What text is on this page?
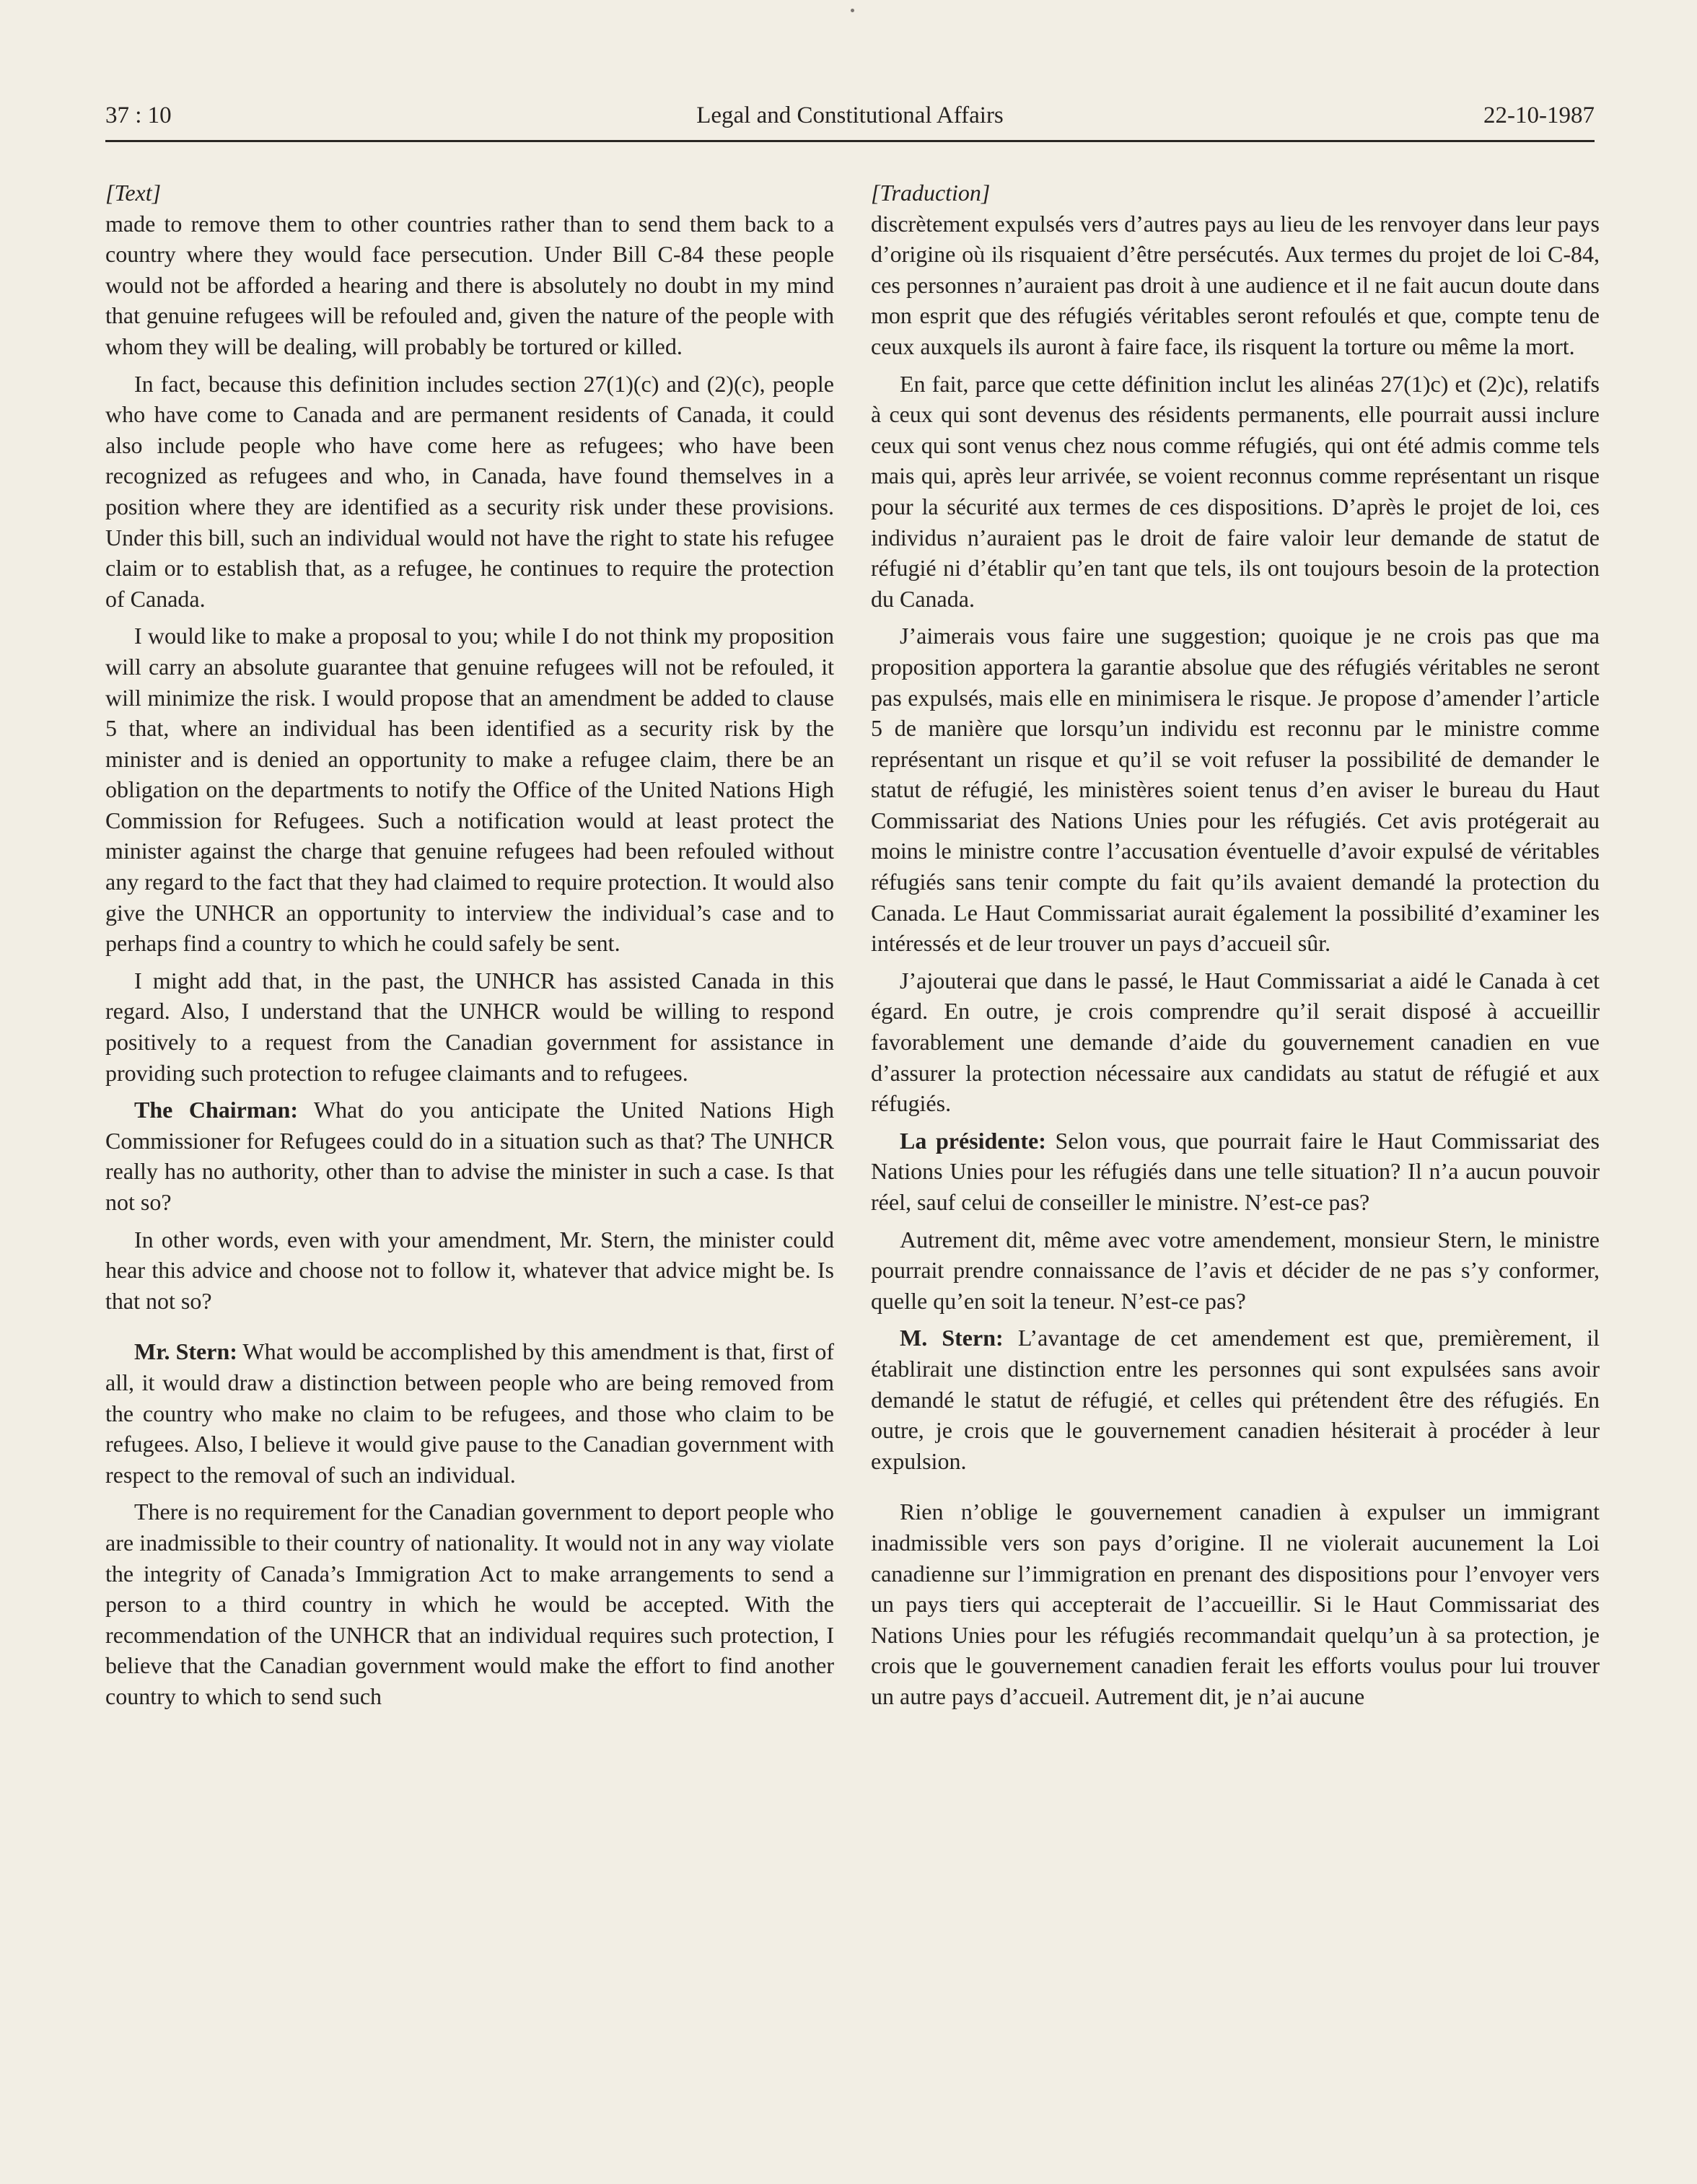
37 : 10	Legal and Constitutional Affairs	22-10-1987

[Text]

made to remove them to other countries rather than to send them back to a country where they would face persecution. Under Bill C-84 these people would not be afforded a hearing and there is absolutely no doubt in my mind that genuine refugees will be refouled and, given the nature of the people with whom they will be dealing, will probably be tortured or killed.

In fact, because this definition includes section 27(1)(c) and (2)(c), people who have come to Canada and are permanent residents of Canada, it could also include people who have come here as refugees; who have been recognized as refugees and who, in Canada, have found themselves in a position where they are identified as a security risk under these provisions. Under this bill, such an individual would not have the right to state his refugee claim or to establish that, as a refugee, he continues to require the protection of Canada.

I would like to make a proposal to you; while I do not think my proposition will carry an absolute guarantee that genuine refugees will not be refouled, it will minimize the risk. I would propose that an amendment be added to clause 5 that, where an individual has been identified as a security risk by the minister and is denied an opportunity to make a refugee claim, there be an obligation on the departments to notify the Office of the United Nations High Commission for Refugees. Such a notification would at least protect the minister against the charge that genuine refugees had been refouled without any regard to the fact that they had claimed to require protection. It would also give the UNHCR an opportunity to interview the individual’s case and to perhaps find a country to which he could safely be sent.

I might add that, in the past, the UNHCR has assisted Canada in this regard. Also, I understand that the UNHCR would be willing to respond positively to a request from the Canadian government for assistance in providing such protection to refugee claimants and to refugees.

The Chairman: What do you anticipate the United Nations High Commissioner for Refugees could do in a situation such as that? The UNHCR really has no authority, other than to advise the minister in such a case. Is that not so?

In other words, even with your amendment, Mr. Stern, the minister could hear this advice and choose not to follow it, whatever that advice might be. Is that not so?

Mr. Stern: What would be accomplished by this amendment is that, first of all, it would draw a distinction between people who are being removed from the country who make no claim to be refugees, and those who claim to be refugees. Also, I believe it would give pause to the Canadian government with respect to the removal of such an individual.

There is no requirement for the Canadian government to deport people who are inadmissible to their country of nationality. It would not in any way violate the integrity of Canada’s Immigration Act to make arrangements to send a person to a third country in which he would be accepted. With the recommendation of the UNHCR that an individual requires such protection, I believe that the Canadian government would make the effort to find another country to which to send such

[Traduction]

discrètement expulsés vers d’autres pays au lieu de les renvoyer dans leur pays d’origine où ils risquaient d’être persécutés. Aux termes du projet de loi C-84, ces personnes n’auraient pas droit à une audience et il ne fait aucun doute dans mon esprit que des réfugiés véritables seront refoulés et que, compte tenu de ceux auxquels ils auront à faire face, ils risquent la torture ou même la mort.

En fait, parce que cette définition inclut les alinéas 27(1)c) et (2)c), relatifs à ceux qui sont devenus des résidents permanents, elle pourrait aussi inclure ceux qui sont venus chez nous comme réfugiés, qui ont été admis comme tels mais qui, après leur arrivée, se voient reconnus comme représentant un risque pour la sécurité aux termes de ces dispositions. D’après le projet de loi, ces individus n’auraient pas le droit de faire valoir leur demande de statut de réfugié ni d’établir qu’en tant que tels, ils ont toujours besoin de la protection du Canada.

J’aimerais vous faire une suggestion; quoique je ne crois pas que ma proposition apportera la garantie absolue que des réfugiés véritables ne seront pas expulsés, mais elle en minimisera le risque. Je propose d’amender l’article 5 de manière que lorsqu’un individu est reconnu par le ministre comme représentant un risque et qu’il se voit refuser la possibilité de demander le statut de réfugié, les ministères soient tenus d’en aviser le bureau du Haut Commissariat des Nations Unies pour les réfugiés. Cet avis protégerait au moins le ministre contre l’accusation éventuelle d’avoir expulsé de véritables réfugiés sans tenir compte du fait qu’ils avaient demandé la protection du Canada. Le Haut Commissariat aurait également la possibilité d’examiner les intéressés et de leur trouver un pays d’accueil sûr.

J’ajouterai que dans le passé, le Haut Commissariat a aidé le Canada à cet égard. En outre, je crois comprendre qu’il serait disposé à accueillir favorablement une demande d’aide du gouvernement canadien en vue d’assurer la protection nécessaire aux candidats au statut de réfugié et aux réfugiés.

La présidente: Selon vous, que pourrait faire le Haut Commissariat des Nations Unies pour les réfugiés dans une telle situation? Il n’a aucun pouvoir réel, sauf celui de conseiller le ministre. N’est-ce pas?

Autrement dit, même avec votre amendement, monsieur Stern, le ministre pourrait prendre connaissance de l’avis et décider de ne pas s’y conformer, quelle qu’en soit la teneur. N’est-ce pas?

M. Stern: L’avantage de cet amendement est que, premièrement, il établirait une distinction entre les personnes qui sont expulsées sans avoir demandé le statut de réfugié, et celles qui prétendent être des réfugiés. En outre, je crois que le gouvernement canadien hésiterait à procéder à leur expulsion.

Rien n’oblige le gouvernement canadien à expulser un immigrant inadmissible vers son pays d’origine. Il ne violerait aucunement la Loi canadienne sur l’immigration en prenant des dispositions pour l’envoyer vers un pays tiers qui accepterait de l’accueillir. Si le Haut Commissariat des Nations Unies pour les réfugiés recommandait quelqu’un à sa protection, je crois que le gouvernement canadien ferait les efforts voulus pour lui trouver un autre pays d’accueil. Autrement dit, je n’ai aucune
